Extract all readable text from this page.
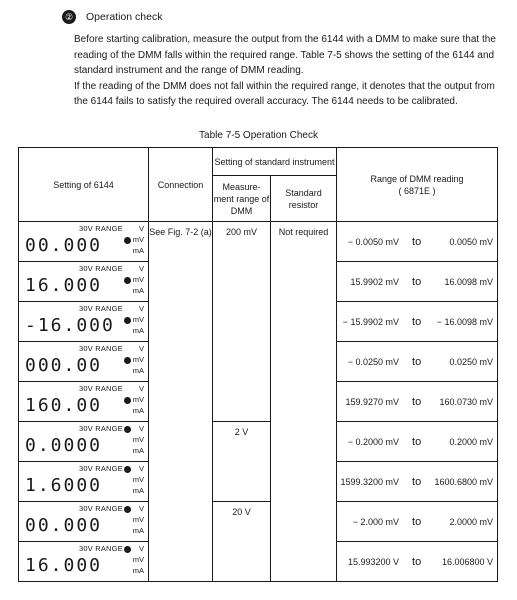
② Operation check

Before starting calibration, measure the output from the 6144 with a DMM to make sure that the reading of the DMM falls within the required range. Table 7-5 shows the setting of the 6144 and standard instrument and the range of DMM reading.

If the reading of the DMM does not fall within the required range, it denotes that the output from the 6144 fails to satisfy the required overall accuracy. The 6144 needs to be calibrated.

Table 7-5 Operation Check
Setting of 6144	Connection	Setting of standard instrument		Range of DMM reading
( 6871E )
		Measure-ment range of DMM	Standard resistor	

30V RANGE
00.000
V
mV
mA	See Fig. 7-2 (a)	200 mV	Not required	− 0.0050 mV to 0.0050 mV

30V RANGE
16.000
V
mV
mA				15.9902 mV to 16.0098 mV

30V RANGE
-16.000
V
mV
mA				− 15.9902 mV to − 16.0098 mV

30V RANGE
000.00
V
mV
mA				− 0.0250 mV to 0.0250 mV

30V RANGE
160.00
V
mV
mA				159.9270 mV to 160.0730 mV

30V RANGE
0.0000
V
mV
mA		2 V		− 0.2000 mV to 0.2000 mV

30V RANGE
1.6000
V
mV
mA				1599.3200 mV to 1600.6800 mV

30V RANGE
00.000
V
mV
mA		20 V		− 2.000 mV to 2.0000 mV

30V RANGE
16.000
V
mV
mA				15.993200 V to 16.006800 V
